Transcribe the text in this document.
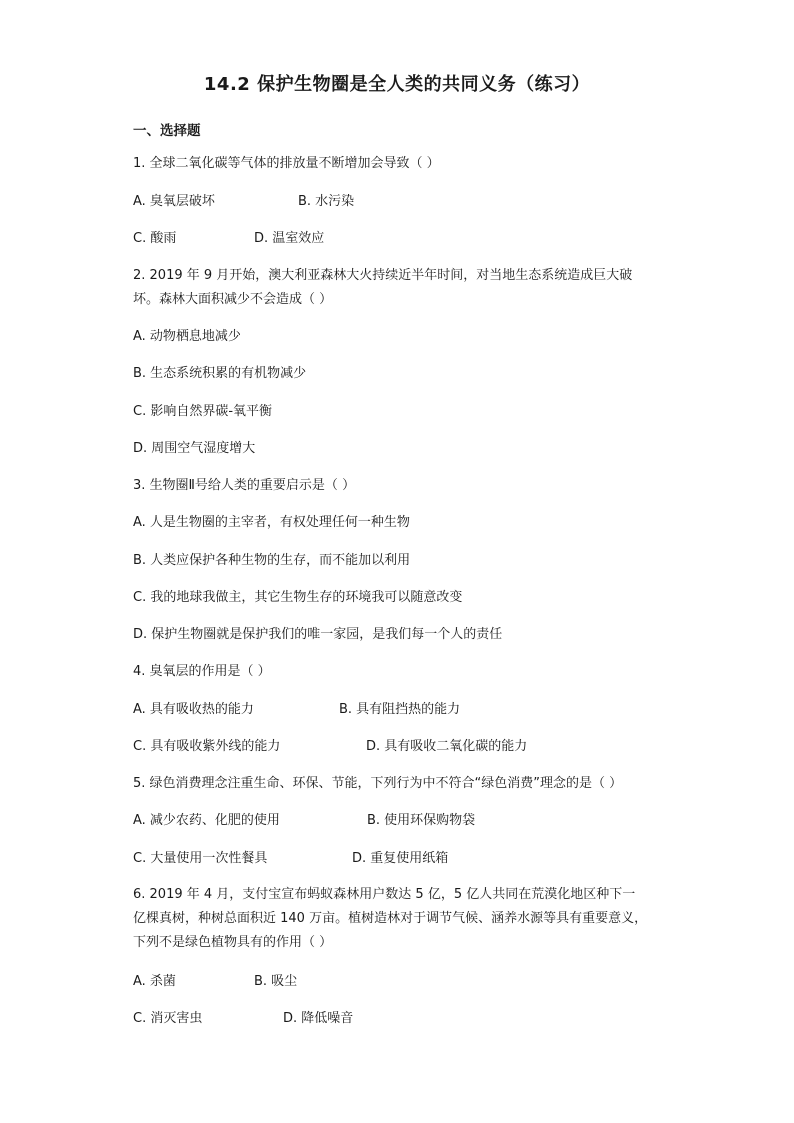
14.2 保护生物圈是全人类的共同义务（练习）
一、选择题
1. 全球二氧化碳等气体的排放量不断增加会导致（ ）
A. 臭氧层破坏	B. 水污染
C. 酸雨	D. 温室效应
2. 2019 年 9 月开始，澳大利亚森林大火持续近半年时间，对当地生态系统造成巨大破
坏。森林大面积减少不会造成（ ）
A. 动物栖息地减少
B. 生态系统积累的有机物减少
C. 影响自然界碳-氧平衡
D. 周围空气湿度增大
3. 生物圈Ⅱ号给人类的重要启示是（ ）
A. 人是生物圈的主宰者，有权处理任何一种生物
B. 人类应保护各种生物的生存，而不能加以利用
C. 我的地球我做主，其它生物生存的环境我可以随意改变
D. 保护生物圈就是保护我们的唯一家园，是我们每一个人的责任
4. 臭氧层的作用是（ ）
A. 具有吸收热的能力	B. 具有阻挡热的能力
C. 具有吸收紫外线的能力	D. 具有吸收二氧化碳的能力
5. 绿色消费理念注重生命、环保、节能，下列行为中不符合“绿色消费”理念的是（ ）
A. 减少农药、化肥的使用	B. 使用环保购物袋
C. 大量使用一次性餐具	D. 重复使用纸箱
6. 2019 年 4 月，支付宝宣布蚂蚁森林用户数达 5 亿，5 亿人共同在荒漠化地区种下一
亿棵真树，种树总面积近 140 万亩。植树造林对于调节气候、涵养水源等具有重要意义，
下列不是绿色植物具有的作用（ ）
A. 杀菌	B. 吸尘
C. 消灭害虫	D. 降低噪音
